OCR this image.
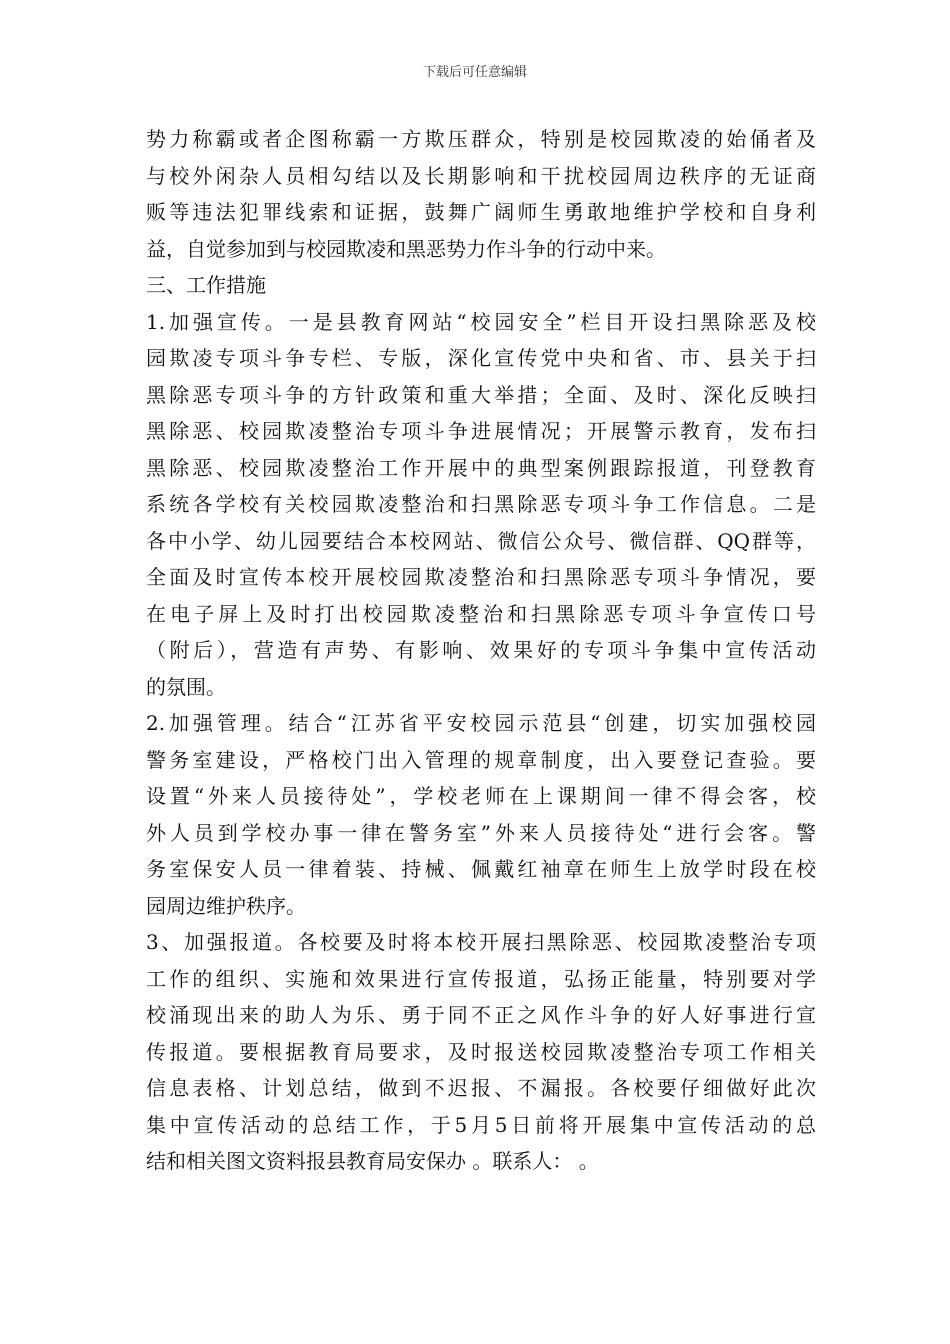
下载后可任意编辑
势力称霸或者企图称霸一方欺压群众，特别是校园欺凌的始俑者及
与校外闲杂人员相勾结以及长期影响和干扰校园周边秩序的无证商
贩等违法犯罪线索和证据，鼓舞广阔师生勇敢地维护学校和自身利
益，自觉参加到与校园欺凌和黑恶势力作斗争的行动中来。
三、工作措施
1.加强宣传。一是县教育网站“校园安全”栏目开设扫黑除恶及校
园欺凌专项斗争专栏、专版，深化宣传党中央和省、市、县关于扫
黑除恶专项斗争的方针政策和重大举措；全面、及时、深化反映扫
黑除恶、校园欺凌整治专项斗争进展情况；开展警示教育，发布扫
黑除恶、校园欺凌整治工作开展中的典型案例跟踪报道，刊登教育
系统各学校有关校园欺凌整治和扫黑除恶专项斗争工作信息。二是
各中小学、幼儿园要结合本校网站、微信公众号、微信群、QQ群等，
全面及时宣传本校开展校园欺凌整治和扫黑除恶专项斗争情况，要
在电子屏上及时打出校园欺凌整治和扫黑除恶专项斗争宣传口号
（附后），营造有声势、有影响、效果好的专项斗争集中宣传活动
的氛围。
2.加强管理。结合“江苏省平安校园示范县“创建，切实加强校园
警务室建设，严格校门出入管理的规章制度，出入要登记查验。要
设置“外来人员接待处”，学校老师在上课期间一律不得会客，校
外人员到学校办事一律在警务室”外来人员接待处“进行会客。警
务室保安人员一律着装、持械、佩戴红袖章在师生上放学时段在校
园周边维护秩序。
3、加强报道。各校要及时将本校开展扫黑除恶、校园欺凌整治专项
工作的组织、实施和效果进行宣传报道，弘扬正能量，特别要对学
校涌现出来的助人为乐、勇于同不正之风作斗争的好人好事进行宣
传报道。要根据教育局要求，及时报送校园欺凌整治专项工作相关
信息表格、计划总结，做到不迟报、不漏报。各校要仔细做好此次
集中宣传活动的总结工作，于5月5日前将开展集中宣传活动的总
结和相关图文资料报县教育局安保办 。联系人： 。
